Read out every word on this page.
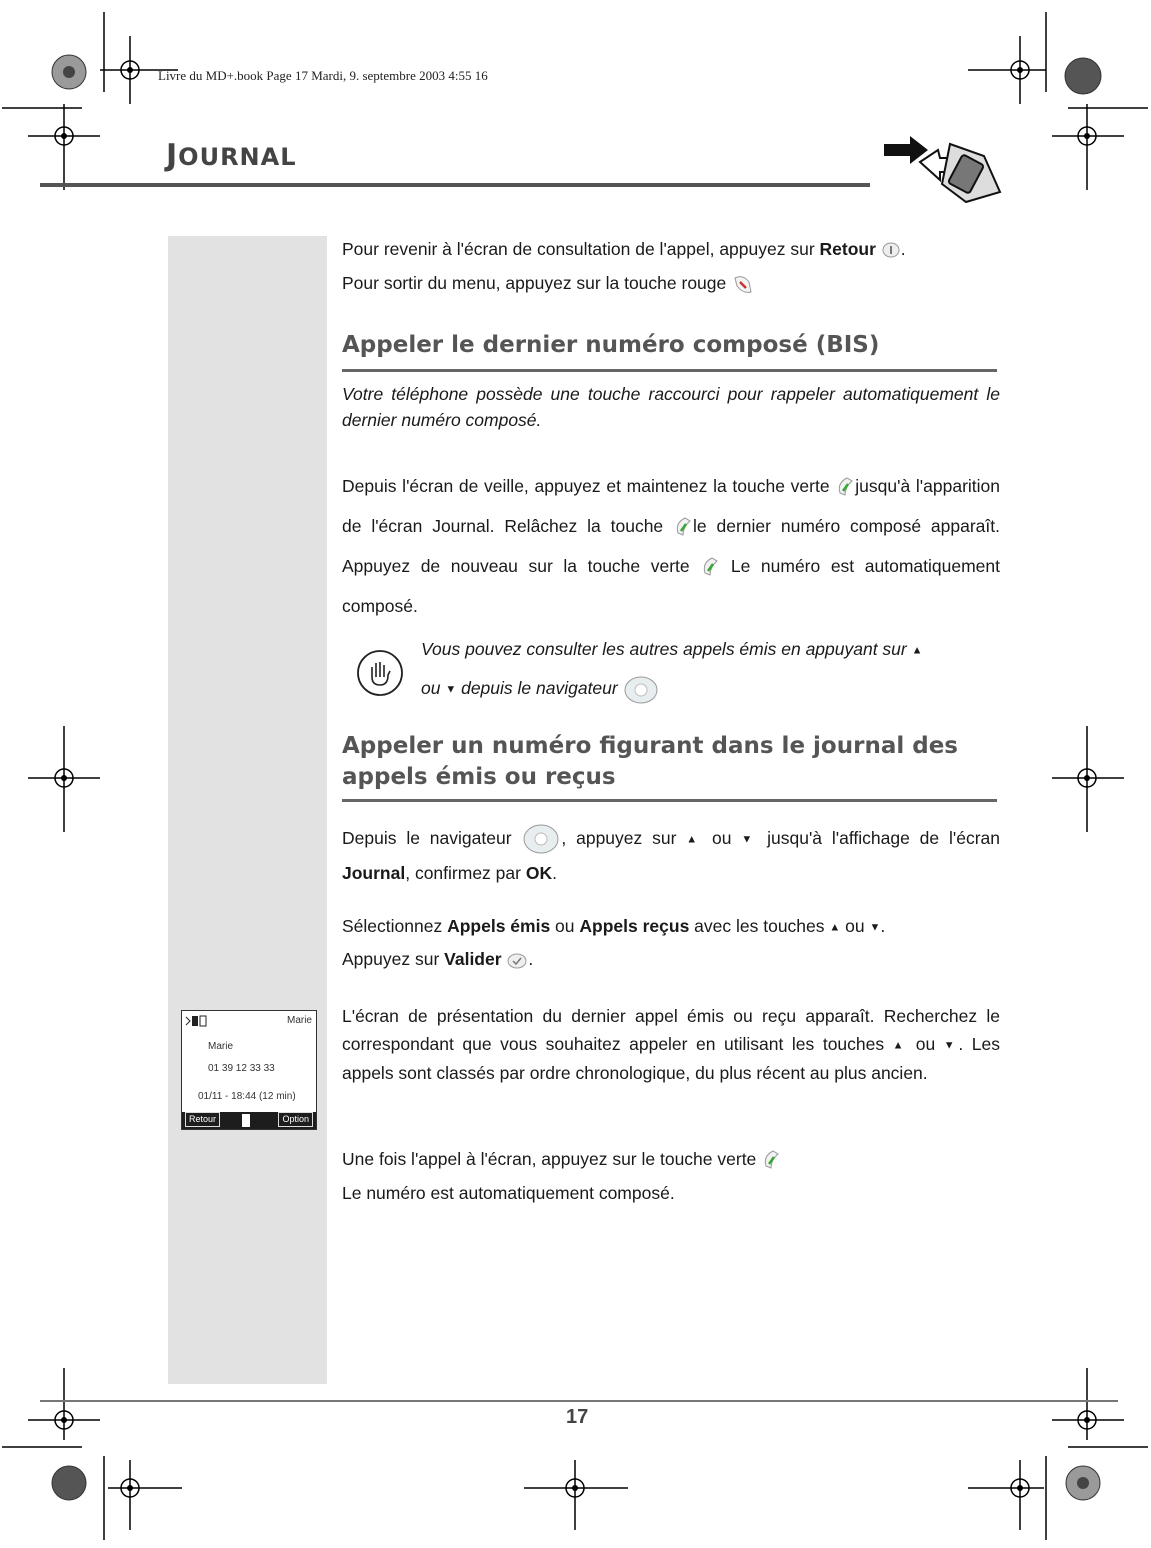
Livre du MD+.book Page 17 Mardi, 9. septembre 2003 4:55 16
JOURNAL
Pour revenir à l'écran de consultation de l'appel, appuyez sur Retour .
Pour sortir du menu, appuyez sur la touche rouge
Appeler le dernier numéro composé (BIS)
Votre téléphone possède une touche raccourci pour rappeler automatiquement le dernier numéro composé.
Depuis l'écran de veille, appuyez et maintenez la touche verte jusqu'à l'apparition de l'écran Journal. Relâchez la touche le dernier numéro composé apparaît. Appuyez de nouveau sur la touche verte  Le numéro est automatiquement composé.
Vous pouvez consulter les autres appels émis en appuyant sur ▲
ou ▼ depuis le navigateur
Appeler un numéro figurant dans le journal des appels émis ou reçus
Depuis le navigateur , appuyez sur ▲ ou ▼ jusqu'à l'affichage de l'écran Journal, confirmez par OK.
Sélectionnez Appels émis ou Appels reçus avec les touches ▲ ou ▼.
Appuyez sur Valider .
L'écran de présentation du dernier appel émis ou reçu apparaît. Recherchez le correspondant que vous souhaitez appeler en utilisant les touches ▲ ou ▼. Les appels sont classés par ordre chronologique, du plus récent au plus ancien.
Une fois l'appel à l'écran, appuyez sur le touche verte
Le numéro est automatiquement composé.
Marie
Marie
01 39 12 33 33
01/11 - 18:44 (12 min)
Retour	Option
17
